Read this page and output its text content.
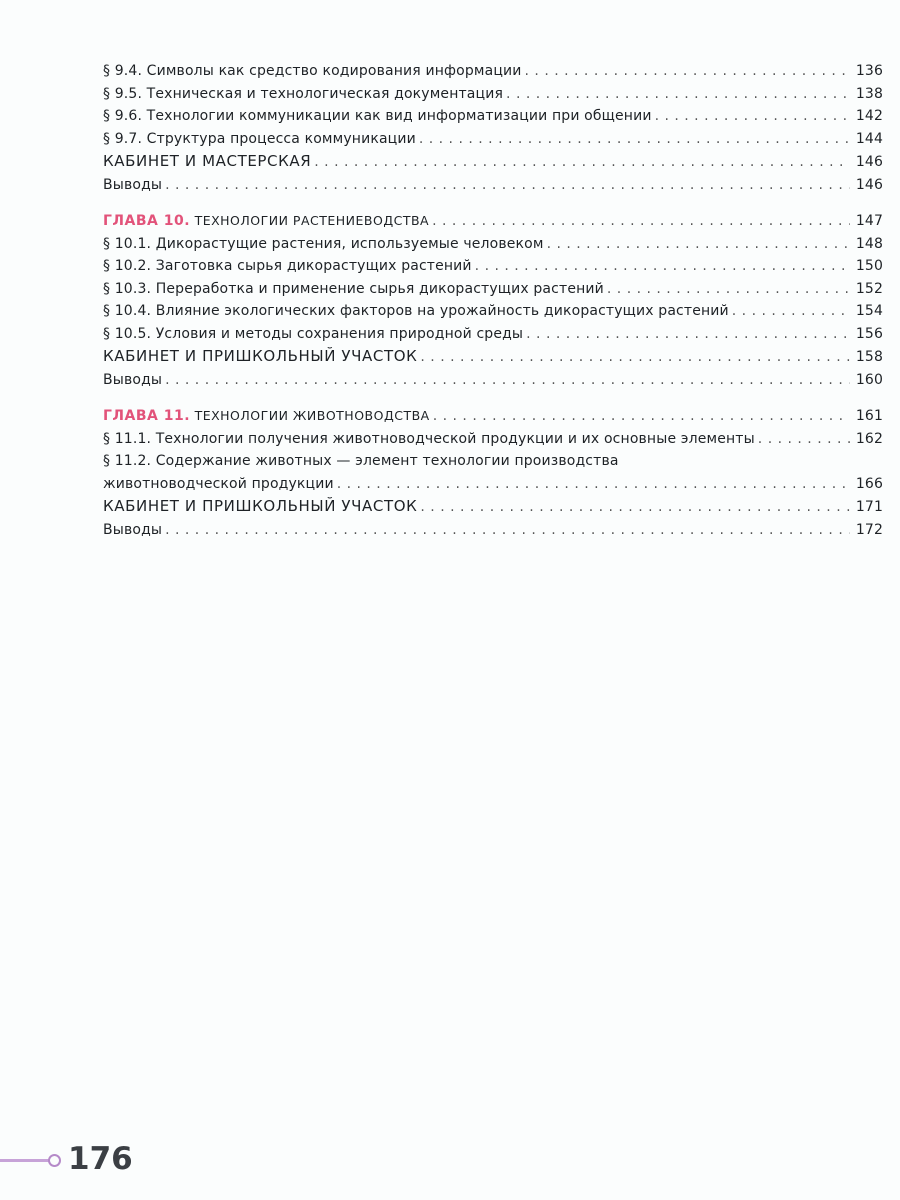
§ 9.4. Символы как средство кодирования информации . . .	136
§ 9.5. Техническая и технологическая документация . . .	138
§ 9.6. Технологии коммуникации как вид информатизации при общении . . .	142
§ 9.7. Структура процесса коммуникации . . .	144
КАБИНЕТ И МАСТЕРСКАЯ . . .	146
Выводы . . .	146
ГЛАВА 10. ТЕХНОЛОГИИ РАСТЕНИЕВОДСТВА . . .	147
§ 10.1. Дикорастущие растения, используемые человеком . . .	148
§ 10.2. Заготовка сырья дикорастущих растений . . .	150
§ 10.3. Переработка и применение сырья дикорастущих растений . . .	152
§ 10.4. Влияние экологических факторов на урожайность дикорастущих растений . . .	154
§ 10.5. Условия и методы сохранения природной среды . . .	156
КАБИНЕТ И ПРИШКОЛЬНЫЙ УЧАСТОК . . .	158
Выводы . . .	160
ГЛАВА 11. ТЕХНОЛОГИИ ЖИВОТНОВОДСТВА . . .	161
§ 11.1. Технологии получения животноводческой продукции и их основные элементы . . .	162
§ 11.2. Содержание животных — элемент технологии производства
животноводческой продукции . . .	166
КАБИНЕТ И ПРИШКОЛЬНЫЙ УЧАСТОК . . .	171
Выводы . . .	172
176
